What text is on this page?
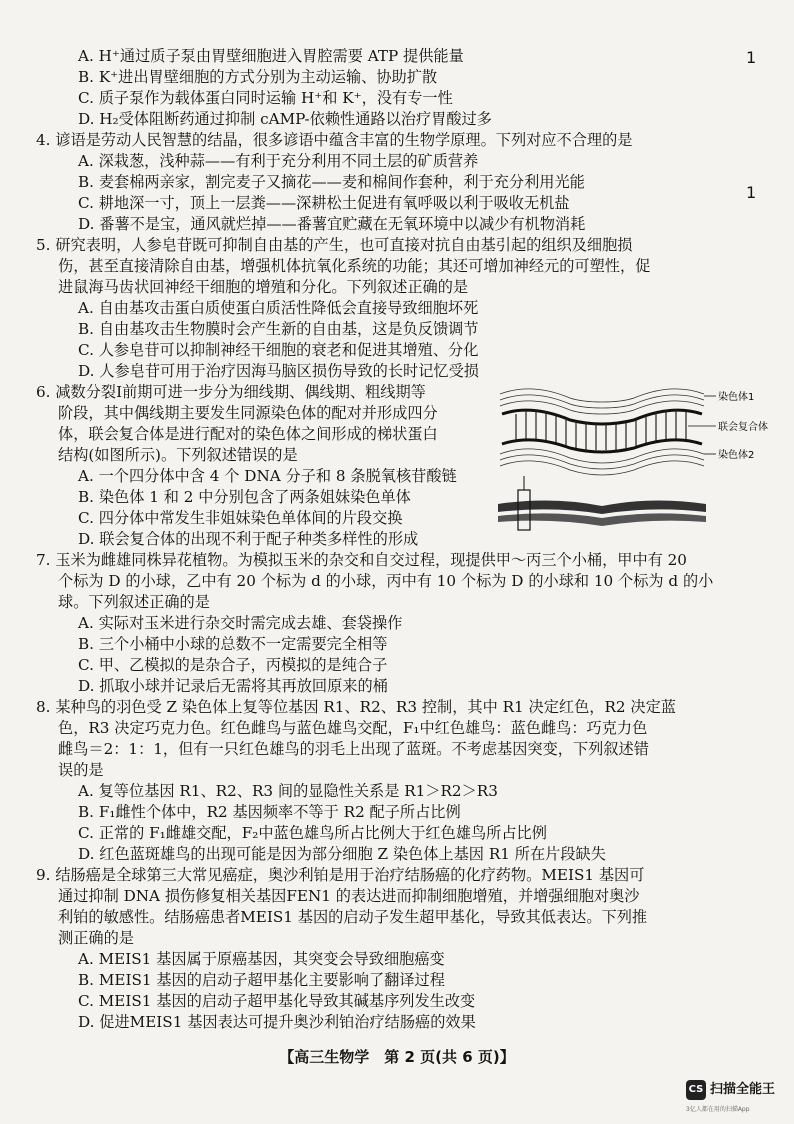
A. H⁺通过质子泵由胃壁细胞进入胃腔需要 ATP 提供能量
B. K⁺进出胃壁细胞的方式分别为主动运输、协助扩散
C. 质子泵作为载体蛋白同时运输 H⁺和 K⁺，没有专一性
D. H₂受体阻断药通过抑制 cAMP-依赖性通路以治疗胃酸过多
4. 谚语是劳动人民智慧的结晶，很多谚语中蕴含丰富的生物学原理。下列对应不合理的是
A. 深栽葱，浅种蒜——有利于充分利用不同土层的矿质营养
B. 麦套棉两亲家，割完麦子又摘花——麦和棉间作套种，利于充分利用光能
C. 耕地深一寸，顶上一层粪——深耕松土促进有氧呼吸以利于吸收无机盐
D. 番薯不是宝，通风就烂掉——番薯宜贮藏在无氧环境中以减少有机物消耗
5. 研究表明，人参皂苷既可抑制自由基的产生，也可直接对抗自由基引起的组织及细胞损
伤，甚至直接清除自由基，增强机体抗氧化系统的功能；其还可增加神经元的可塑性，促
进鼠海马齿状回神经干细胞的增殖和分化。下列叙述正确的是
A. 自由基攻击蛋白质使蛋白质活性降低会直接导致细胞坏死
B. 自由基攻击生物膜时会产生新的自由基，这是负反馈调节
C. 人参皂苷可以抑制神经干细胞的衰老和促进其增殖、分化
D. 人参皂苷可用于治疗因海马脑区损伤导致的长时记忆受损
6. 减数分裂Ⅰ前期可进一步分为细线期、偶线期、粗线期等
阶段，其中偶线期主要发生同源染色体的配对并形成四分
体，联会复合体是进行配对的染色体之间形成的梯状蛋白
结构(如图所示)。下列叙述错误的是
A. 一个四分体中含 4 个 DNA 分子和 8 条脱氧核苷酸链
B. 染色体 1 和 2 中分别包含了两条姐妹染色单体
C. 四分体中常发生非姐妹染色单体间的片段交换
D. 联会复合体的出现不利于配子种类多样性的形成
染色体1
联会复合体
染色体2
7. 玉米为雌雄同株异花植物。为模拟玉米的杂交和自交过程，现提供甲～丙三个小桶，甲中有 20
个标为 D 的小球，乙中有 20 个标为 d 的小球，丙中有 10 个标为 D 的小球和 10 个标为 d 的小
球。下列叙述正确的是
A. 实际对玉米进行杂交时需完成去雄、套袋操作
B. 三个小桶中小球的总数不一定需要完全相等
C. 甲、乙模拟的是杂合子，丙模拟的是纯合子
D. 抓取小球并记录后无需将其再放回原来的桶
8. 某种鸟的羽色受 Z 染色体上复等位基因 R1、R2、R3 控制，其中 R1 决定红色，R2 决定蓝
色，R3 决定巧克力色。红色雌鸟与蓝色雄鸟交配，F₁中红色雄鸟：蓝色雌鸟：巧克力色
雌鸟＝2：1：1，但有一只红色雄鸟的羽毛上出现了蓝斑。不考虑基因突变，下列叙述错
误的是
A. 复等位基因 R1、R2、R3 间的显隐性关系是 R1＞R2＞R3
B. F₁雌性个体中，R2 基因频率不等于 R2 配子所占比例
C. 正常的 F₁雌雄交配，F₂中蓝色雄鸟所占比例大于红色雄鸟所占比例
D. 红色蓝斑雄鸟的出现可能是因为部分细胞 Z 染色体上基因 R1 所在片段缺失
9. 结肠癌是全球第三大常见癌症，奥沙利铂是用于治疗结肠癌的化疗药物。MEIS1 基因可
通过抑制 DNA 损伤修复相关基因FEN1 的表达进而抑制细胞增殖，并增强细胞对奥沙
利铂的敏感性。结肠癌患者MEIS1 基因的启动子发生超甲基化，导致其低表达。下列推
测正确的是
A. MEIS1 基因属于原癌基因，其突变会导致细胞癌变
B. MEIS1 基因的启动子超甲基化主要影响了翻译过程
C. MEIS1 基因的启动子超甲基化导致其碱基序列发生改变
D. 促进MEIS1 基因表达可提升奥沙利铂治疗结肠癌的效果
1
1
【高三生物学　第 2 页(共 6 页)】
CS 扫描全能王
3亿人都在用的扫描App
